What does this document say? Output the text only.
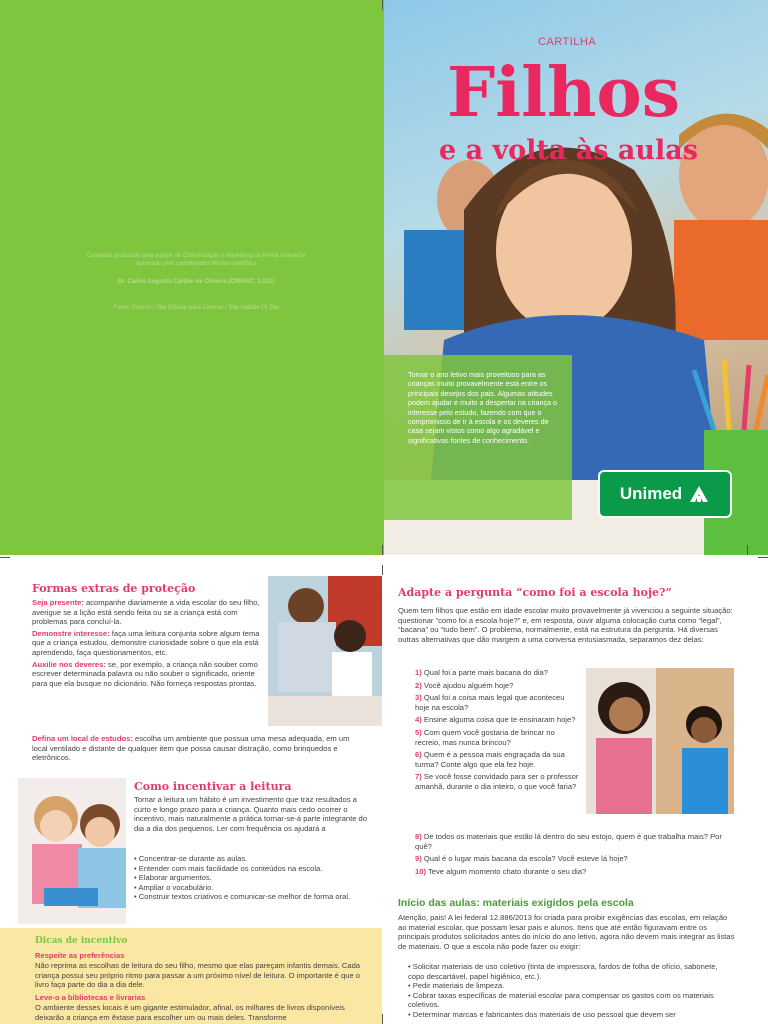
Conteúdo produzido pela equipe de Comunicação e Marketing do Portal Unimed e aprovado pelo coordenador técnico-científico
Dr. Carlos Augusto Cardim de Oliveira (CRM/SC: 3.011)
Fonte: Procon / Site Educar para Crescer / Site Update Or Die
CARTILHA
Filhos
e a volta às aulas
Tornar o ano letivo mais proveitoso para as crianças muito provavelmente está entre os principais desejos dos pais. Algumas atitudes podem ajudar e muito a despertar na criança o interesse pelo estudo, fazendo com que o compromisso de ir à escola e os deveres de casa sejam vistos como algo agradável e significativas fontes de conhecimento.
Unimed
Formas extras de proteção
Seja presente: acompanhe diariamente a vida escolar do seu filho, averigue se a lição está sendo feita ou se a criança está com problemas para concluí-la.
Demonstre interesse: faça uma leitura conjunta sobre algum tema que a criança estudou, demonstre curiosidade sobre o que ela está aprendendo, faça questionamentos, etc.
Auxilie nos deveres: se, por exemplo, a criança não souber como escrever determinada palavra ou não souber o significado, oriente para que ela busque no dicionário. Não forneça respostas prontas.
Defina um local de estudos: escolha um ambiente que possua uma mesa adequada, em um local ventilado e distante de qualquer item que possa causar distração, como brinquedos e eletrônicos.
Como incentivar a leitura
Tornar a leitura um hábito é um investimento que traz resultados a curto e longo prazo para a criança. Quanto mais cedo ocorrer o incentivo, mais naturalmente a prática tornar-se-á parte integrante do dia a dia dos pequenos. Ler com frequência os ajudará a
• Concentrar-se durante as aulas.
• Entender com mais facilidade os conteúdos na escola.
• Elaborar argumentos.
• Ampliar o vocabulário.
• Construir textos criativos e comunicar-se melhor de forma oral.
Dicas de incentivo
Respeite as preferências
Não reprima as escolhas de leitura do seu filho, mesmo que elas pareçam infantis demais. Cada criança possui seu próprio ritmo para passar a um próximo nível de leitura. O importante é que o livro faça parte do dia a dia dele.
Leve-o a bibliotecas e livrarias
O ambiente desses locais é um gigante estimulador, afinal, os milhares de livros disponíveis deixarão a criança em êxtase para escolher um ou mais deles. Transforme
Adapte a pergunta “como foi a escola hoje?”
Quem tem filhos que estão em idade escolar muito provavelmente já vivenciou a seguinte situação: questionar “como foi a escola hoje?” e, em resposta, ouvir alguma colocação curta como “legal”, “bacana” ou “tudo bem”. O problema, normalmente, está na estrutura da pergunta. Há diversas outras alternativas que dão margem a uma conversa entusiasmada, separamos dez delas:
1) Qual foi a parte mais bacana do dia?
2) Você ajudou alguém hoje?
3) Qual foi a coisa mais legal que aconteceu hoje na escola?
4) Ensine alguma coisa que te ensinaram hoje?
5) Com quem você gostaria de brincar no recreio, mas nunca brincou?
6) Quem é a pessoa mais engraçada da sua turma? Conte algo que ela fez hoje.
7) Se você fosse convidado para ser o professor amanhã, durante o dia inteiro, o que você faria?
8) De todos os materiais que estão lá dentro do seu estojo, quem é que trabalha mais? Por quê?
9) Qual é o lugar mais bacana da escola? Você esteve lá hoje?
10) Teve algum momento chato durante o seu dia?
Início das aulas: materiais exigidos pela escola
Atenção, pais! A lei federal 12.886/2013 foi criada para proibir exigências das escolas, em relação ao material escolar, que possam lesar pais e alunos. Itens que até então figuravam entre os principais produtos solicitados antes do início do ano letivo, agora não devem mais integrar as listas de materiais. O que a escola não pode fazer ou exigir:
• Solicitar materiais de uso coletivo (tinta de impressora, fardos de folha de ofício, sabonete, copo descartável, papel higiênico, etc.).
• Pedir materiais de limpeza.
• Cobrar taxas específicas de material escolar para compensar os gastos com os materiais coletivos.
• Determinar marcas e fabricantes dos materiais de uso pessoal que devem ser
